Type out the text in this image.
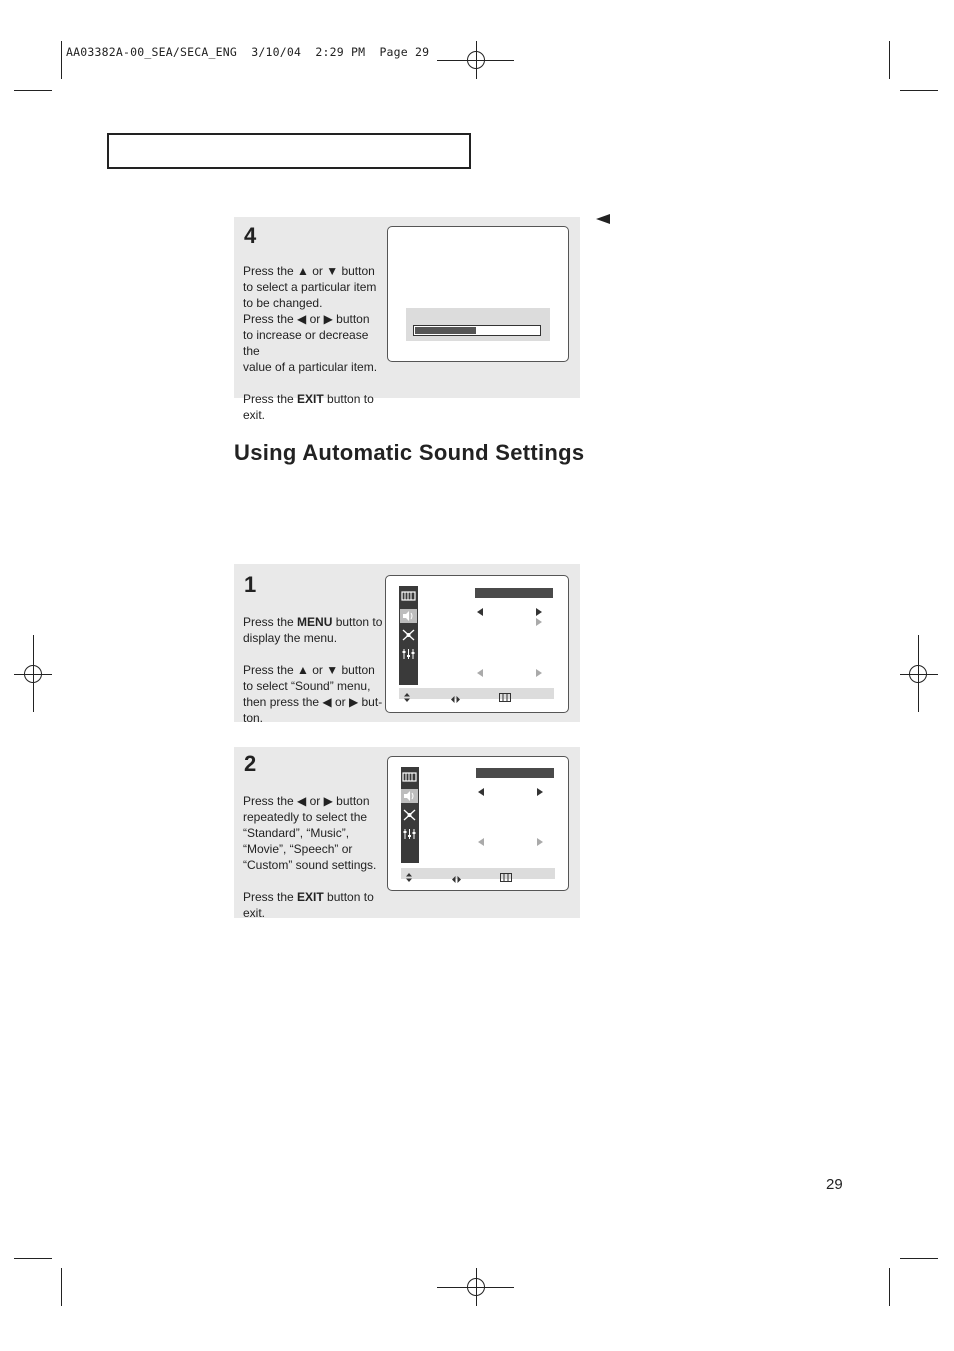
AA03382A-00_SEA/SECA_ENG  3/10/04  2:29 PM  Page 29
4

Press the ▲ or ▼ button
to select a particular item
to be changed.
Press the ◀ or ▶ button
to increase or decrease the
value of a particular item.

Press the EXIT button to
exit.

Using Automatic Sound Settings
1

Press the MENU button to
display the menu.

Press the ▲ or ▼ button
to select “Sound” menu,
then press the ◀ or ▶ but-
ton.

2

Press the ◀ or ▶ button
repeatedly to select the
“Standard”, “Music”,
“Movie”, “Speech” or
“Custom” sound settings.

Press the EXIT button to
exit.

29
